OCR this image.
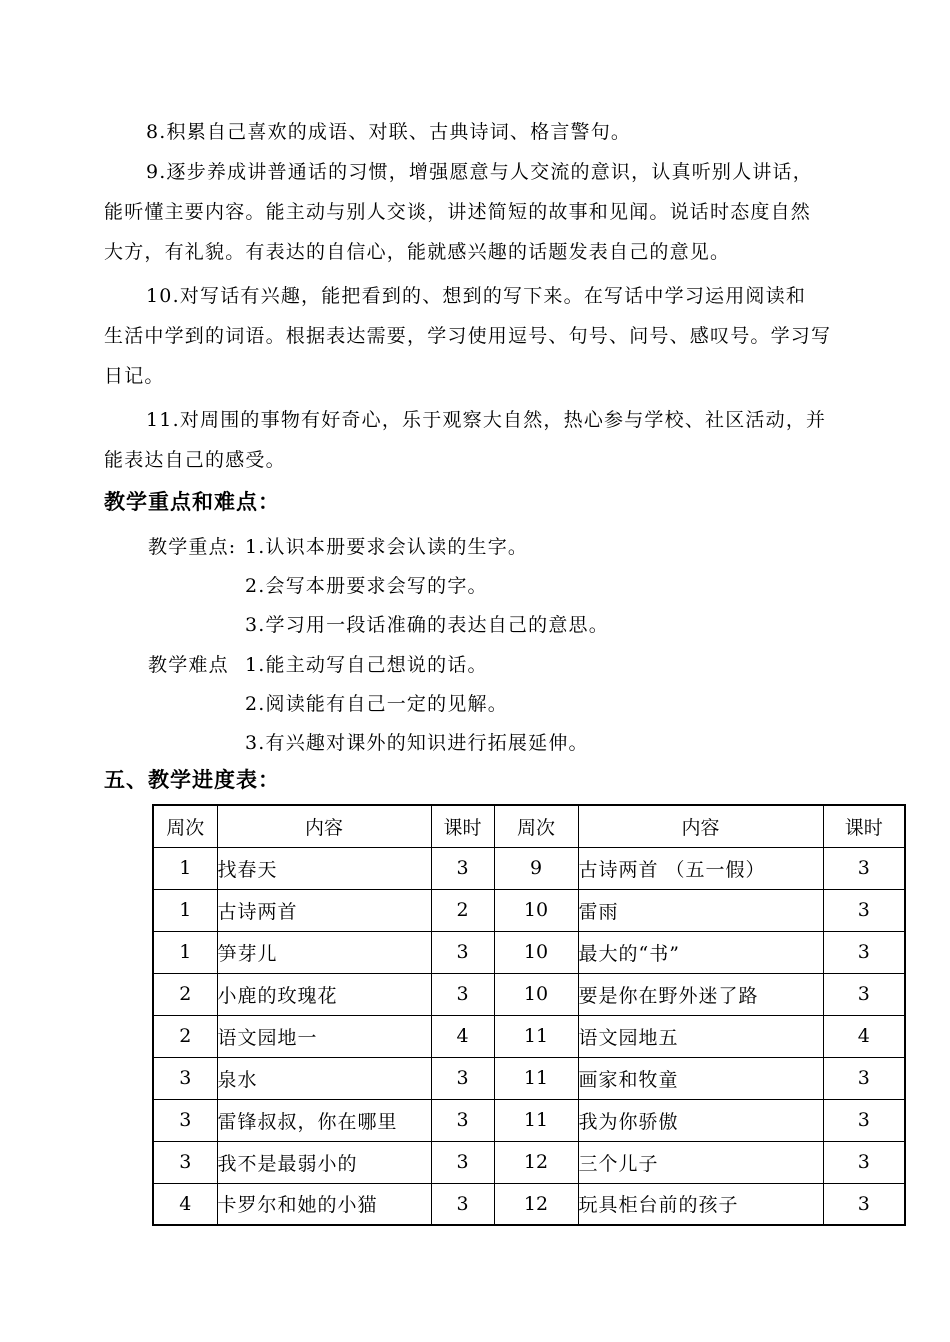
8.积累自己喜欢的成语、对联、古典诗词、格言警句。
9.逐步养成讲普通话的习惯，增强愿意与人交流的意识，认真听别人讲话，
能听懂主要内容。能主动与别人交谈，讲述简短的故事和见闻。说话时态度自然
大方，有礼貌。有表达的自信心，能就感兴趣的话题发表自己的意见。
10.对写话有兴趣，能把看到的、想到的写下来。在写话中学习运用阅读和
生活中学到的词语。根据表达需要，学习使用逗号、句号、问号、感叹号。学习写
日记。
11.对周围的事物有好奇心，乐于观察大自然，热心参与学校、社区活动，并
能表达自己的感受。
教学重点和难点：
教学重点: 1.认识本册要求会认读的生字。
2.会写本册要求会写的字。
3.学习用一段话准确的表达自己的意思。
教学难点 1.能主动写自己想说的话。
2.阅读能有自己一定的见解。
3.有兴趣对课外的知识进行拓展延伸。
五、教学进度表：
周次	内容	课时	周次	内容	课时
1	找春天	3	9	古诗两首 （五一假）	3
1	古诗两首	2	10	雷雨	3
1	笋芽儿	3	10	最大的“书”	3
2	小鹿的玫瑰花	3	10	要是你在野外迷了路	3
2	语文园地一	4	11	语文园地五	4
3	泉水	3	11	画家和牧童	3
3	雷锋叔叔，你在哪里	3	11	我为你骄傲	3
3	我不是最弱小的	3	12	三个儿子	3
4	卡罗尔和她的小猫	3	12	玩具柜台前的孩子	3
